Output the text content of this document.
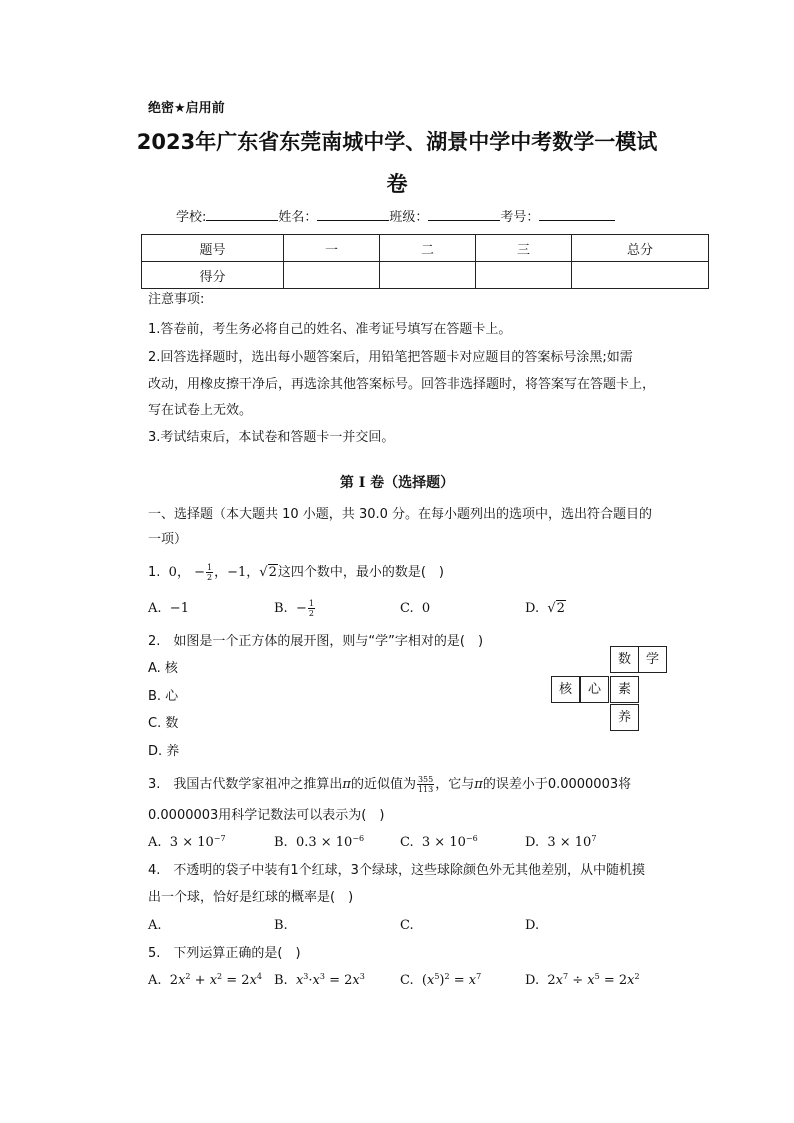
绝密★启用前
2023年广东省东莞南城中学、湖景中学中考数学一模试
卷
学校:	姓名：	班级：	考号：
题号	一	二	三	总分
得分				
注意事项:
1.答卷前，考生务必将自己的姓名、准考证号填写在答题卡上。
2.回答选择题时，选出每小题答案后，用铅笔把答题卡对应题目的答案标号涂黑;如需
改动，用橡皮擦干净后，再选涂其他答案标号。回答非选择题时，将答案写在答题卡上，
写在试卷上无效。
3.考试结束后，本试卷和答题卡一并交回。
第 I 卷（选择题）
一、选择题（本大题共 10 小题，共 30.0 分。在每小题列出的选项中，选出符合题目的
一项）
1. 0， − $\frac{1}{2}$ ，−1，√2这四个数中，最小的数是(　)
A. −1	B. − $\frac{1}{2}$	C. 0	D. √2
2.　如图是一个正方体的展开图，则与“学”字相对的是(　)
A. 核
B. 心
C. 数
D. 养
数	学
核	心	素
养
3.　我国古代数学家祖冲之推算出π的近似值为 $\frac{355}{113}$ ，它与π的误差小于0.0000003将
0.0000003用科学记数法可以表示为(　)
A. $3 \times 10^{-7}$	B. $0.3 \times 10^{-6}$	C. $3 \times 10^{-6}$	D. $3 \times 10^7$
4.　不透明的袋子中装有1个红球，3个绿球，这些球除颜色外无其他差别，从中随机摸
出一个球，恰好是红球的概率是(　)
A.	B.	C.	D.
5.　下列运算正确的是(　)
A. $2x^2 + x^2 = 2x^4$ B. $x^3\cdot x^3 = 2x^3$	C. $(x^5)^2 = x^7$	D. $2x^7 \div x^5 = 2x^2$
